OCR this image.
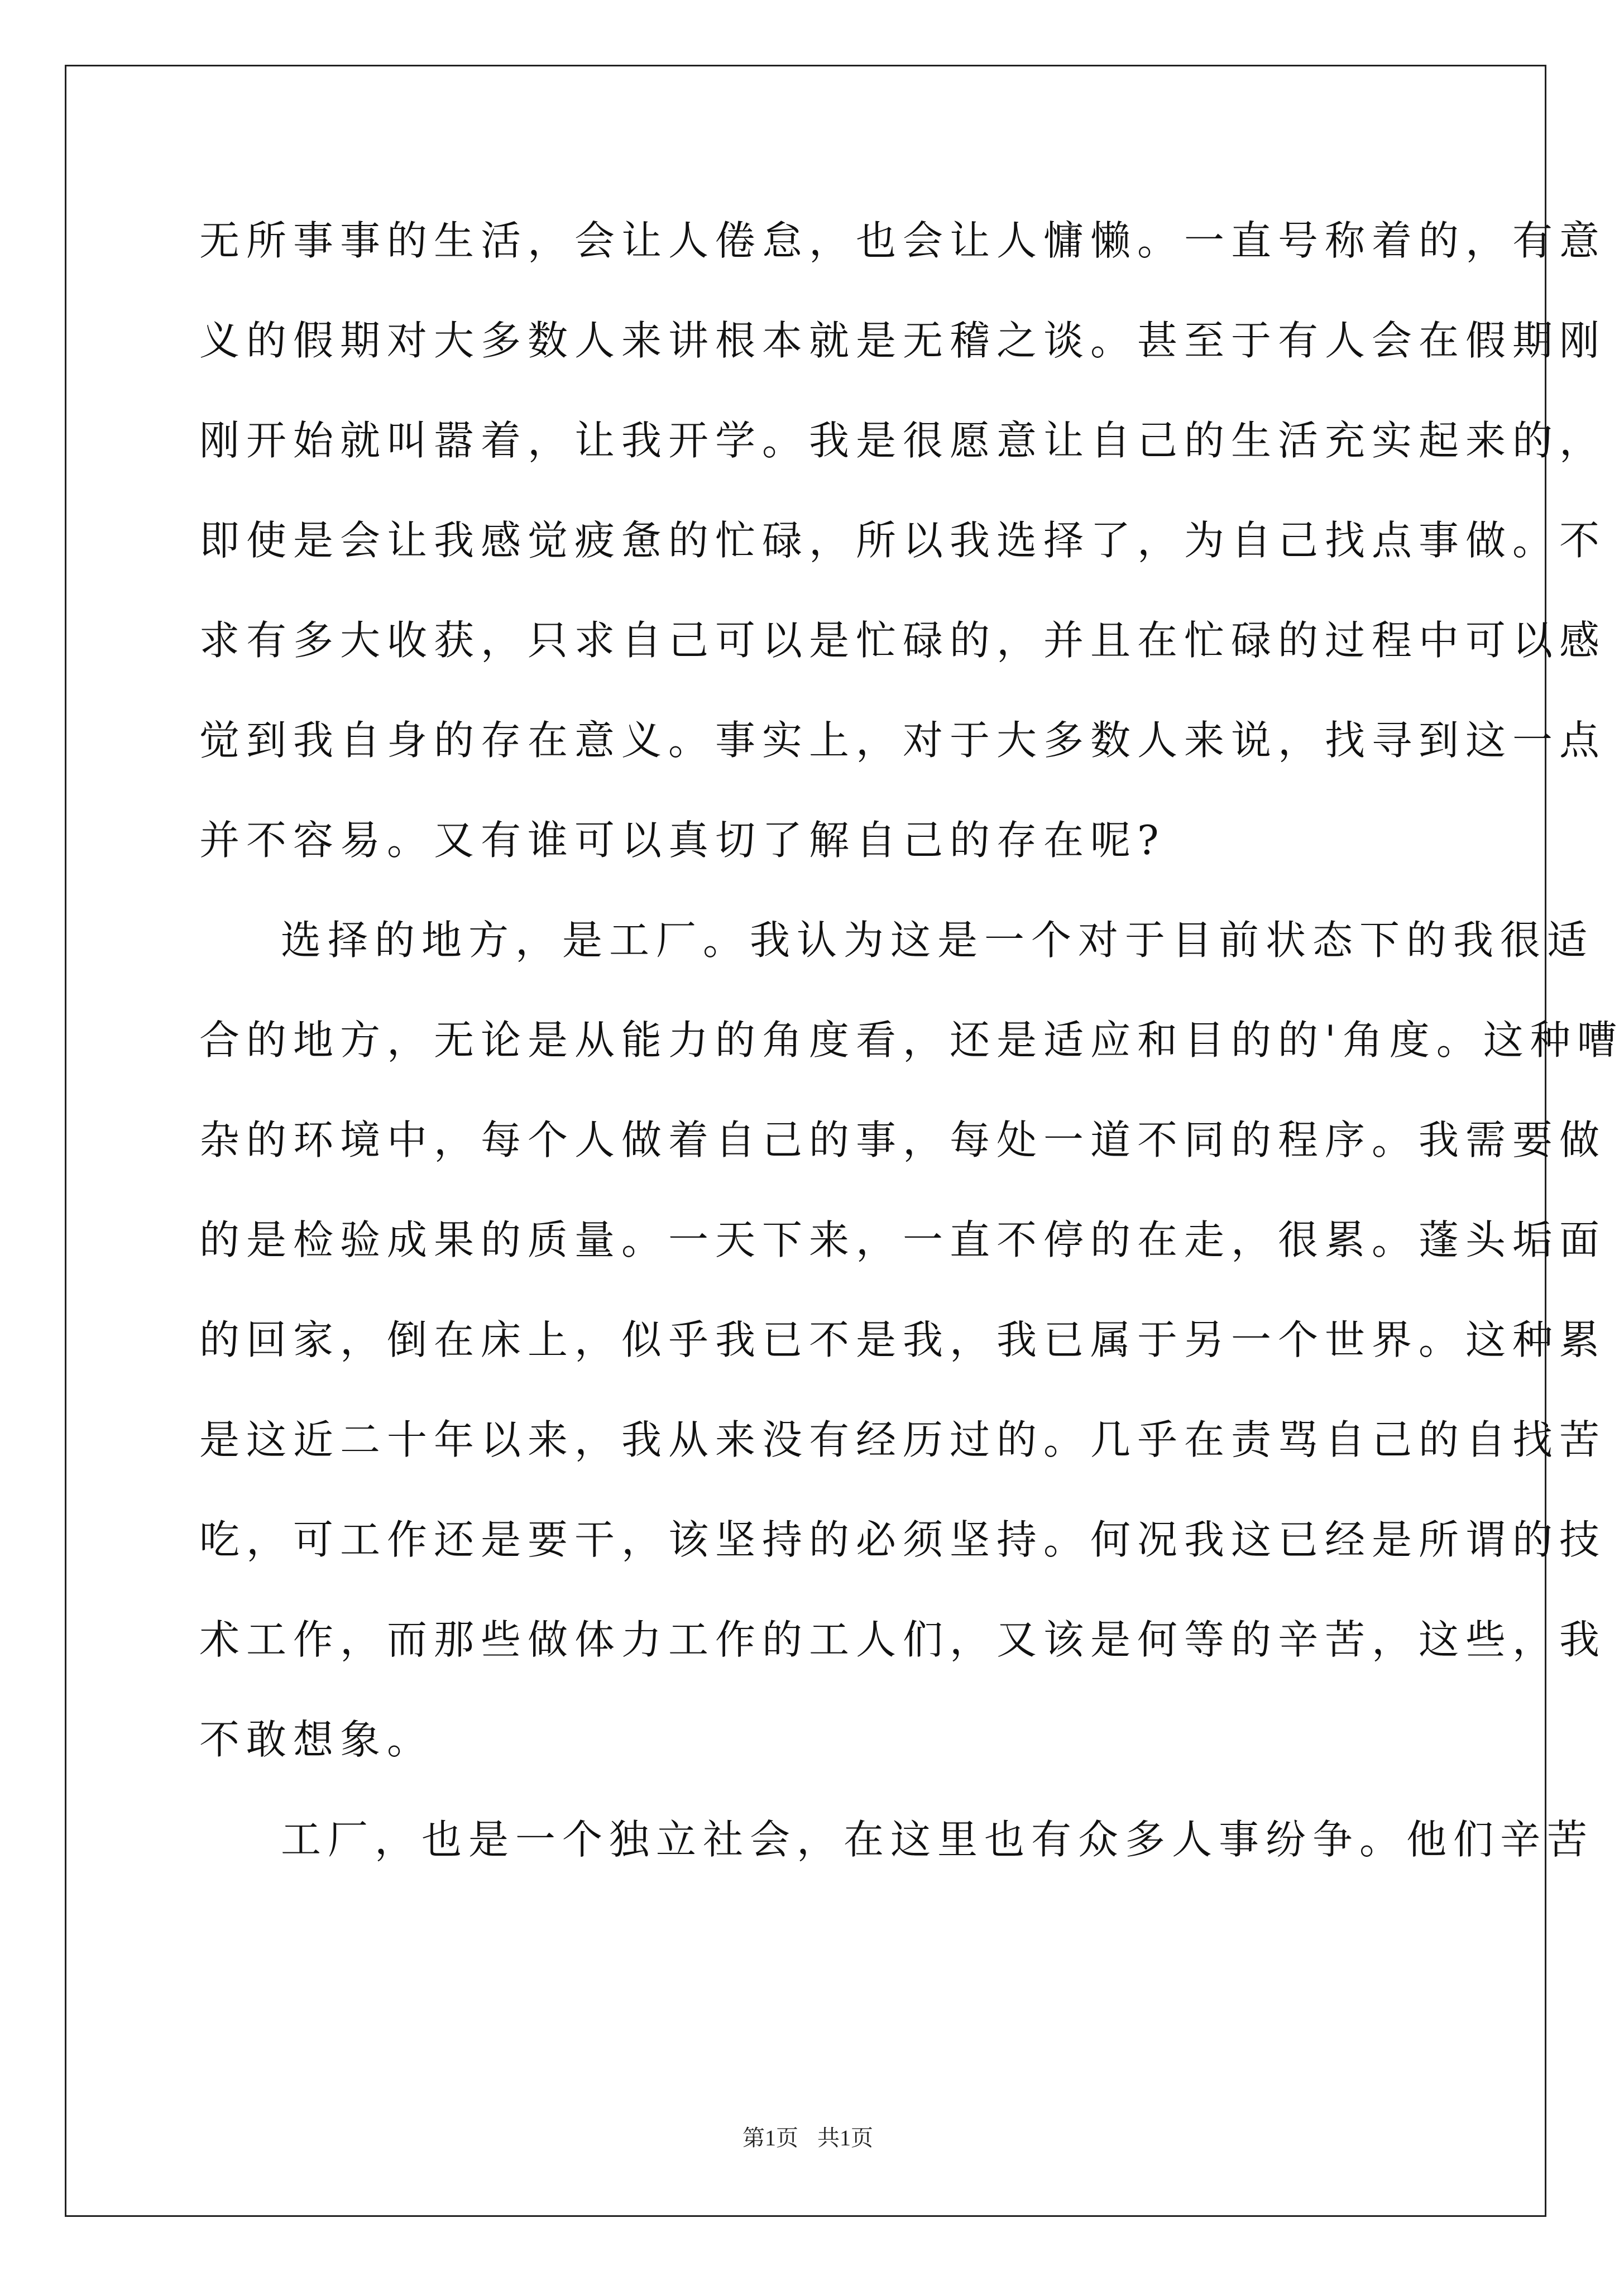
无所事事的生活，会让人倦怠，也会让人慵懒。一直号称着的，有意
义的假期对大多数人来讲根本就是无稽之谈。甚至于有人会在假期刚
刚开始就叫嚣着，让我开学。我是很愿意让自己的生活充实起来的，
即使是会让我感觉疲惫的忙碌，所以我选择了，为自己找点事做。不
求有多大收获，只求自己可以是忙碌的，并且在忙碌的过程中可以感
觉到我自身的存在意义。事实上，对于大多数人来说，找寻到这一点
并不容易。又有谁可以真切了解自己的存在呢?
选择的地方，是工厂。我认为这是一个对于目前状态下的我很适
合的地方，无论是从能力的角度看，还是适应和目的的'角度。这种嘈
杂的环境中，每个人做着自己的事，每处一道不同的程序。我需要做
的是检验成果的质量。一天下来，一直不停的在走，很累。蓬头垢面
的回家，倒在床上，似乎我已不是我，我已属于另一个世界。这种累
是这近二十年以来，我从来没有经历过的。几乎在责骂自己的自找苦
吃，可工作还是要干，该坚持的必须坚持。何况我这已经是所谓的技
术工作，而那些做体力工作的工人们，又该是何等的辛苦，这些，我
不敢想象。
工厂，也是一个独立社会，在这里也有众多人事纷争。他们辛苦
第1页 共1页
